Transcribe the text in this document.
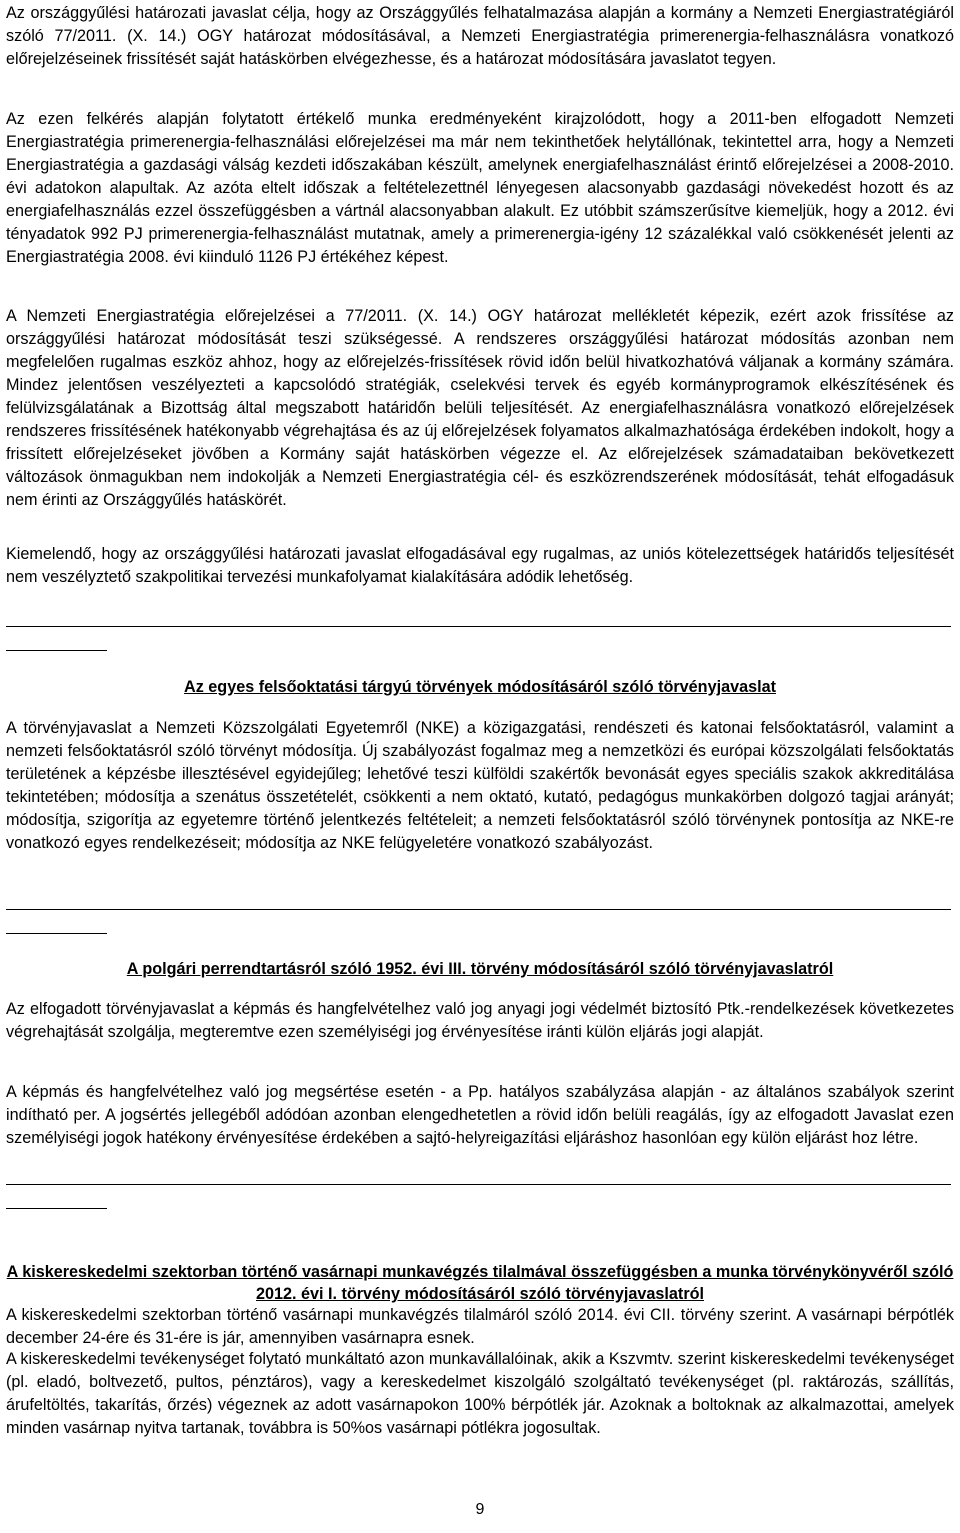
Az országgyűlési határozati javaslat célja, hogy az Országgyűlés felhatalmazása alapján a kormány a Nemzeti Energiastratégiáról szóló 77/2011. (X. 14.) OGY határozat módosításával, a Nemzeti Energiastratégia primerenergia-felhasználásra vonatkozó előrejelzéseinek frissítését saját hatáskörben elvégezhesse, és a határozat módosítására javaslatot tegyen.

Az ezen felkérés alapján folytatott értékelő munka eredményeként kirajzolódott, hogy a 2011-ben elfogadott Nemzeti Energiastratégia primerenergia-felhasználási előrejelzései ma már nem tekinthetőek helytállónak, tekintettel arra, hogy a Nemzeti Energiastratégia a gazdasági válság kezdeti időszakában készült, amelynek energiafelhasználást érintő előrejelzései a 2008-2010. évi adatokon alapultak. Az azóta eltelt időszak a feltételezettnél lényegesen alacsonyabb gazdasági növekedést hozott és az energiafelhasználás ezzel összefüggésben a vártnál alacsonyabban alakult. Ez utóbbit számszerűsítve kiemeljük, hogy a 2012. évi tényadatok 992 PJ primerenergia-felhasználást mutatnak, amely a primerenergia-igény 12 százalékkal való csökkenését jelenti az Energiastratégia 2008. évi kiinduló 1126 PJ értékéhez képest.

A Nemzeti Energiastratégia előrejelzései a 77/2011. (X. 14.) OGY határozat mellékletét képezik, ezért azok frissítése az országgyűlési határozat módosítását teszi szükségessé. A rendszeres országgyűlési határozat módosítás azonban nem megfelelően rugalmas eszköz ahhoz, hogy az előrejelzés-frissítések rövid időn belül hivatkozhatóvá váljanak a kormány számára. Mindez jelentősen veszélyezteti a kapcsolódó stratégiák, cselekvési tervek és egyéb kormányprogramok elkészítésének és felülvizsgálatának a Bizottság által megszabott határidőn belüli teljesítését. Az energiafelhasználásra vonatkozó előrejelzések rendszeres frissítésének hatékonyabb végrehajtása és az új előrejelzések folyamatos alkalmazhatósága érdekében indokolt, hogy a frissített előrejelzéseket jövőben a Kormány saját hatáskörben végezze el. Az előrejelzések számadataiban bekövetkezett változások önmagukban nem indokolják a Nemzeti Energiastratégia cél- és eszközrendszerének módosítását, tehát elfogadásuk nem érinti az Országgyűlés hatáskörét.

Kiemelendő, hogy az országgyűlési határozati javaslat elfogadásával egy rugalmas, az uniós kötelezettségek határidős teljesítését nem veszélyztető szakpolitikai tervezési munkafolyamat kialakítására adódik lehetőség.

Az egyes felsőoktatási tárgyú törvények módosításáról szóló törvényjavaslat

A törvényjavaslat a Nemzeti Közszolgálati Egyetemről (NKE) a közigazgatási, rendészeti és katonai felsőoktatásról, valamint a nemzeti felsőoktatásról szóló törvényt módosítja. Új szabályozást fogalmaz meg a nemzetközi és európai közszolgálati felsőoktatás területének a képzésbe illesztésével egyidejűleg; lehetővé teszi külföldi szakértők bevonását egyes speciális szakok akkreditálása tekintetében; módosítja a szenátus összetételét, csökkenti a nem oktató, kutató, pedagógus munkakörben dolgozó tagjai arányát; módosítja, szigorítja az egyetemre történő jelentkezés feltételeit; a nemzeti felsőoktatásról szóló törvénynek pontosítja az NKE-re vonatkozó egyes rendelkezéseit; módosítja az NKE felügyeletére vonatkozó szabályozást.

A polgári perrendtartásról szóló 1952. évi III. törvény módosításáról szóló törvényjavaslatról

Az elfogadott törvényjavaslat a képmás és hangfelvételhez való jog anyagi jogi védelmét biztosító Ptk.-rendelkezések következetes végrehajtását szolgálja, megteremtve ezen személyiségi jog érvényesítése iránti külön eljárás jogi alapját.

A képmás és hangfelvételhez való jog megsértése esetén - a Pp. hatályos szabályzása alapján - az általános szabályok szerint indítható per. A jogsértés jellegéből adódóan azonban elengedhetetlen a rövid időn belüli reagálás, így az elfogadott Javaslat ezen személyiségi jogok hatékony érvényesítése érdekében a sajtó-helyreigazítási eljáráshoz hasonlóan egy külön eljárást hoz létre.

A kiskereskedelmi szektorban történő vasárnapi munkavégzés tilalmával összefüggésben a munka törvénykönyvéről szóló 2012. évi I. törvény módosításáról szóló törvényjavaslatról

A kiskereskedelmi szektorban történő vasárnapi munkavégzés tilalmáról szóló 2014. évi CII. törvény szerint. A vasárnapi bérpótlék december 24-ére és 31-ére is jár, amennyiben vasárnapra esnek.

A kiskereskedelmi tevékenységet folytató munkáltató azon munkavállalóinak, akik a Kszvmtv. szerint kiskereskedelmi tevékenységet (pl. eladó, boltvezető, pultos, pénztáros), vagy a kereskedelmet kiszolgáló szolgáltató tevékenységet (pl. raktározás, szállítás, árufeltöltés, takarítás, őrzés) végeznek az adott vasárnapokon 100% bérpótlék jár. Azoknak a boltoknak az alkalmazottai, amelyek minden vasárnap nyitva tartanak, továbbra is 50%os vasárnapi pótlékra jogosultak.

9
